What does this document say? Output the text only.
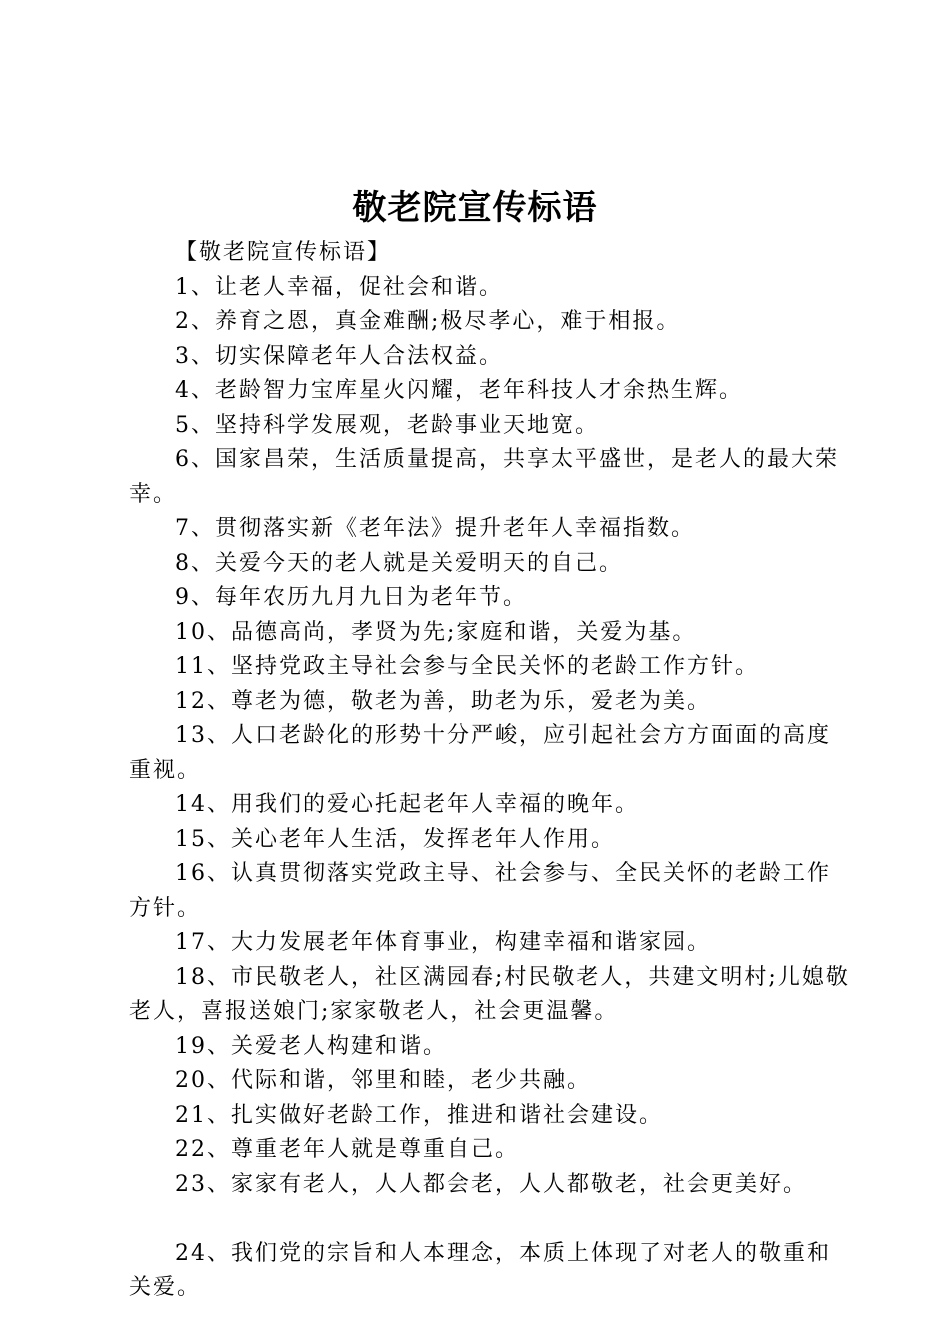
敬老院宣传标语

【敬老院宣传标语】

1、让老人幸福，促社会和谐。

2、养育之恩，真金难酬;极尽孝心，难于相报。

3、切实保障老年人合法权益。

4、老龄智力宝库星火闪耀，老年科技人才余热生辉。

5、坚持科学发展观，老龄事业天地宽。

6、国家昌荣，生活质量提高，共享太平盛世，是老人的最大荣幸。

7、贯彻落实新《老年法》提升老年人幸福指数。

8、关爱今天的老人就是关爱明天的自己。

9、每年农历九月九日为老年节。

10、品德高尚，孝贤为先;家庭和谐，关爱为基。

11、坚持党政主导社会参与全民关怀的老龄工作方针。

12、尊老为德，敬老为善，助老为乐，爱老为美。

13、人口老龄化的形势十分严峻，应引起社会方方面面的高度重视。

14、用我们的爱心托起老年人幸福的晚年。

15、关心老年人生活，发挥老年人作用。

16、认真贯彻落实党政主导、社会参与、全民关怀的老龄工作方针。

17、大力发展老年体育事业，构建幸福和谐家园。

18、市民敬老人，社区满园春;村民敬老人，共建文明村;儿媳敬老人，喜报送娘门;家家敬老人，社会更温馨。

19、关爱老人构建和谐。

20、代际和谐，邻里和睦，老少共融。

21、扎实做好老龄工作，推进和谐社会建设。

22、尊重老年人就是尊重自己。

23、家家有老人，人人都会老，人人都敬老，社会更美好。

24、我们党的宗旨和人本理念，本质上体现了对老人的敬重和关爱。
